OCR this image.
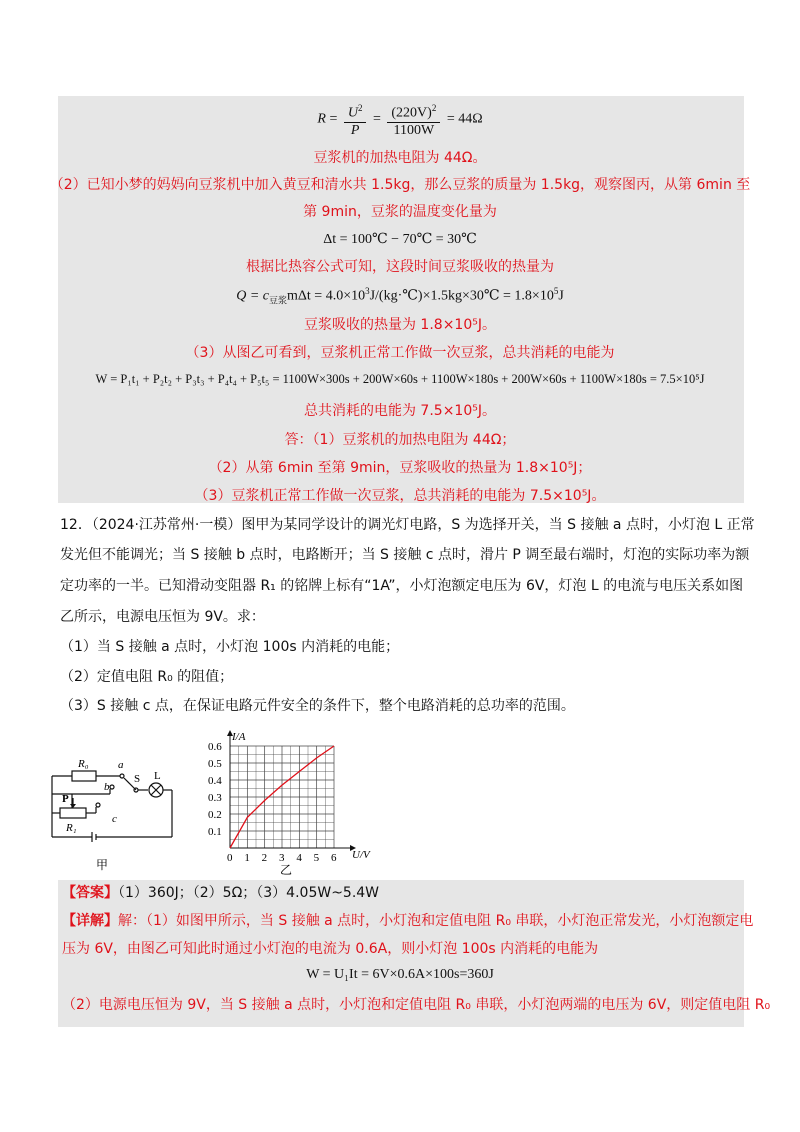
$R = \frac{U^2}{P} = \frac{(220V)^2}{1100W} = 44\Omega$
豆浆机的加热电阻为 44Ω。
（2）已知小梦的妈妈向豆浆机中加入黄豆和清水共 1.5kg，那么豆浆的质量为 1.5kg，观察图丙，从第 6min 至
第 9min，豆浆的温度变化量为
Δt = 100℃ − 70℃ = 30℃
根据比热容公式可知，这段时间豆浆吸收的热量为
$Q = c_{豆浆}m\Delta t$ = $4.0\times 10^3J/(kg\cdot℃)\times 1.5kg\times 30℃ = 1.8\times 10^5J$
豆浆吸收的热量为 1.8×10⁵J。
（3）从图乙可看到，豆浆机正常工作做一次豆浆，总共消耗的电能为
W = P₁t₁ + P₂t₂ + P₃t₃ + P₄t₄ + P₅t₅ = 1100W×300s + 200W×60s + 1100W×180s + 200W×60s + 1100W×180s = 7.5×10⁵J
总共消耗的电能为 7.5×10⁵J。
答：（1）豆浆机的加热电阻为 44Ω；
（2）从第 6min 至第 9min，豆浆吸收的热量为 1.8×10⁵J；
（3）豆浆机正常工作做一次豆浆，总共消耗的电能为 7.5×10⁵J。
12．（2024·江苏常州·一模）图甲为某同学设计的调光灯电路，S 为选择开关，当 S 接触 a 点时，小灯泡 L 正常
发光但不能调光；当 S 接触 b 点时，电路断开；当 S 接触 c 点时，滑片 P 调至最右端时，灯泡的实际功率为额
定功率的一半。已知滑动变阻器 R₁ 的铭牌上标有“1A”，小灯泡额定电压为 6V，灯泡 L 的电流与电压关系如图
乙所示，电源电压恒为 9V。求：
（1）当 S 接触 a 点时，小灯泡 100s 内消耗的电能；
（2）定值电阻 R₀ 的阻值；
（3）S 接触 c 点，在保证电路元件安全的条件下，整个电路消耗的总功率的范围。
R₀	a
b
c
S L
P
R₁
甲	0 1 2 3 4 5 6
0.1
0.2
0.3
0.4
0.5
0.6
I/A
U/V
乙
【答案】（1）360J；（2）5Ω；（3）4.05W~5.4W
【详解】解：（1）如图甲所示，当 S 接触 a 点时，小灯泡和定值电阻 R₀ 串联，小灯泡正常发光，小灯泡额定电
压为 6V，由图乙可知此时通过小灯泡的电流为 0.6A，则小灯泡 100s 内消耗的电能为
W = U₁It = 6V×0.6A×100s=360J
（2）电源电压恒为 9V，当 S 接触 a 点时，小灯泡和定值电阻 R₀ 串联，小灯泡两端的电压为 6V，则定值电阻 R₀
